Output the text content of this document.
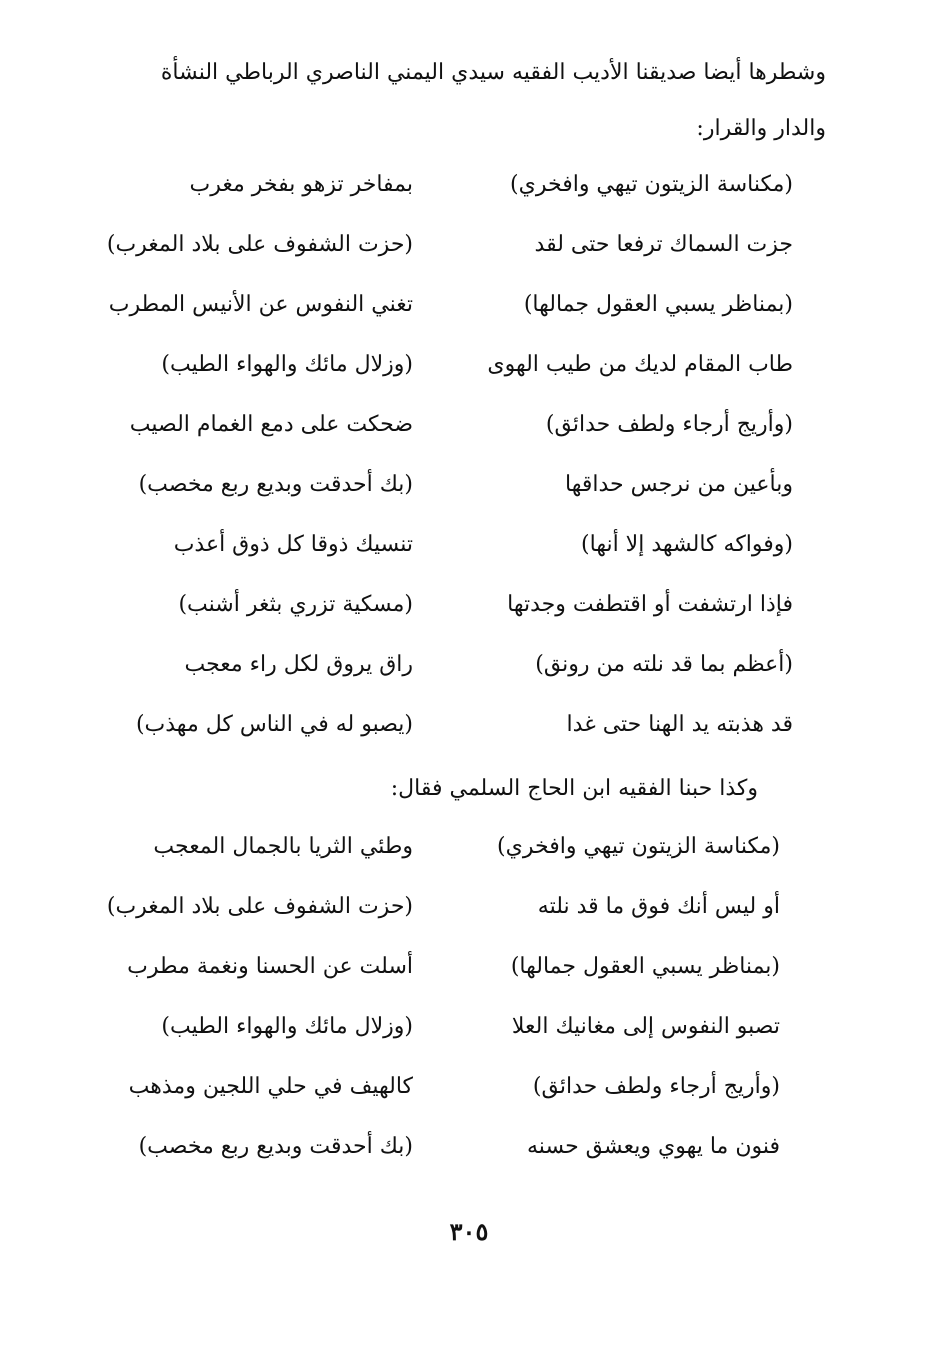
وشطرها أيضا صديقنا الأديب الفقيه سيدي اليمني الناصري الرباطي النشأة
والدار والقرار:
(مكناسة الزيتون تيهي وافخري)
بمفاخر تزهو بفخر مغرب
جزت السماك ترفعا حتى لقد
(حزت الشفوف على بلاد المغرب)
(بمناظر يسبي العقول جمالها)
تغني النفوس عن الأنيس المطرب
طاب المقام لديك من طيب الهوى
(وزلال مائك والهواء الطيب)
(وأريج أرجاء ولطف حدائق)
ضحكت على دمع الغمام الصيب
وبأعين من نرجس حداقها
(بك أحدقت وبديع ربع مخصب)
(وفواكه كالشهد إلا أنها)
تنسيك ذوقا كل ذوق أعذب
فإذا ارتشفت أو اقتطفت وجدتها
(مسكية تزري بثغر أشنب)
(أعظم بما قد نلته من رونق)
راق يروق لكل راء معجب
قد هذبته يد الهنا حتى غدا
(يصبو له في الناس كل مهذب)
وكذا حبنا الفقيه ابن الحاج السلمي فقال:
(مكناسة الزيتون تيهي وافخري)
وطئي الثريا بالجمال المعجب
أو ليس أنك فوق ما قد نلته
(حزت الشفوف على بلاد المغرب)
(بمناظر يسبي العقول جمالها)
أسلت عن الحسنا ونغمة مطرب
تصبو النفوس إلى مغانيك العلا
(وزلال مائك والهواء الطيب)
(وأريج أرجاء ولطف حدائق)
كالهيف في حلي اللجين ومذهب
فنون ما يهوي ويعشق حسنه
(بك أحدقت وبديع ربع مخصب)
٣٠٥
